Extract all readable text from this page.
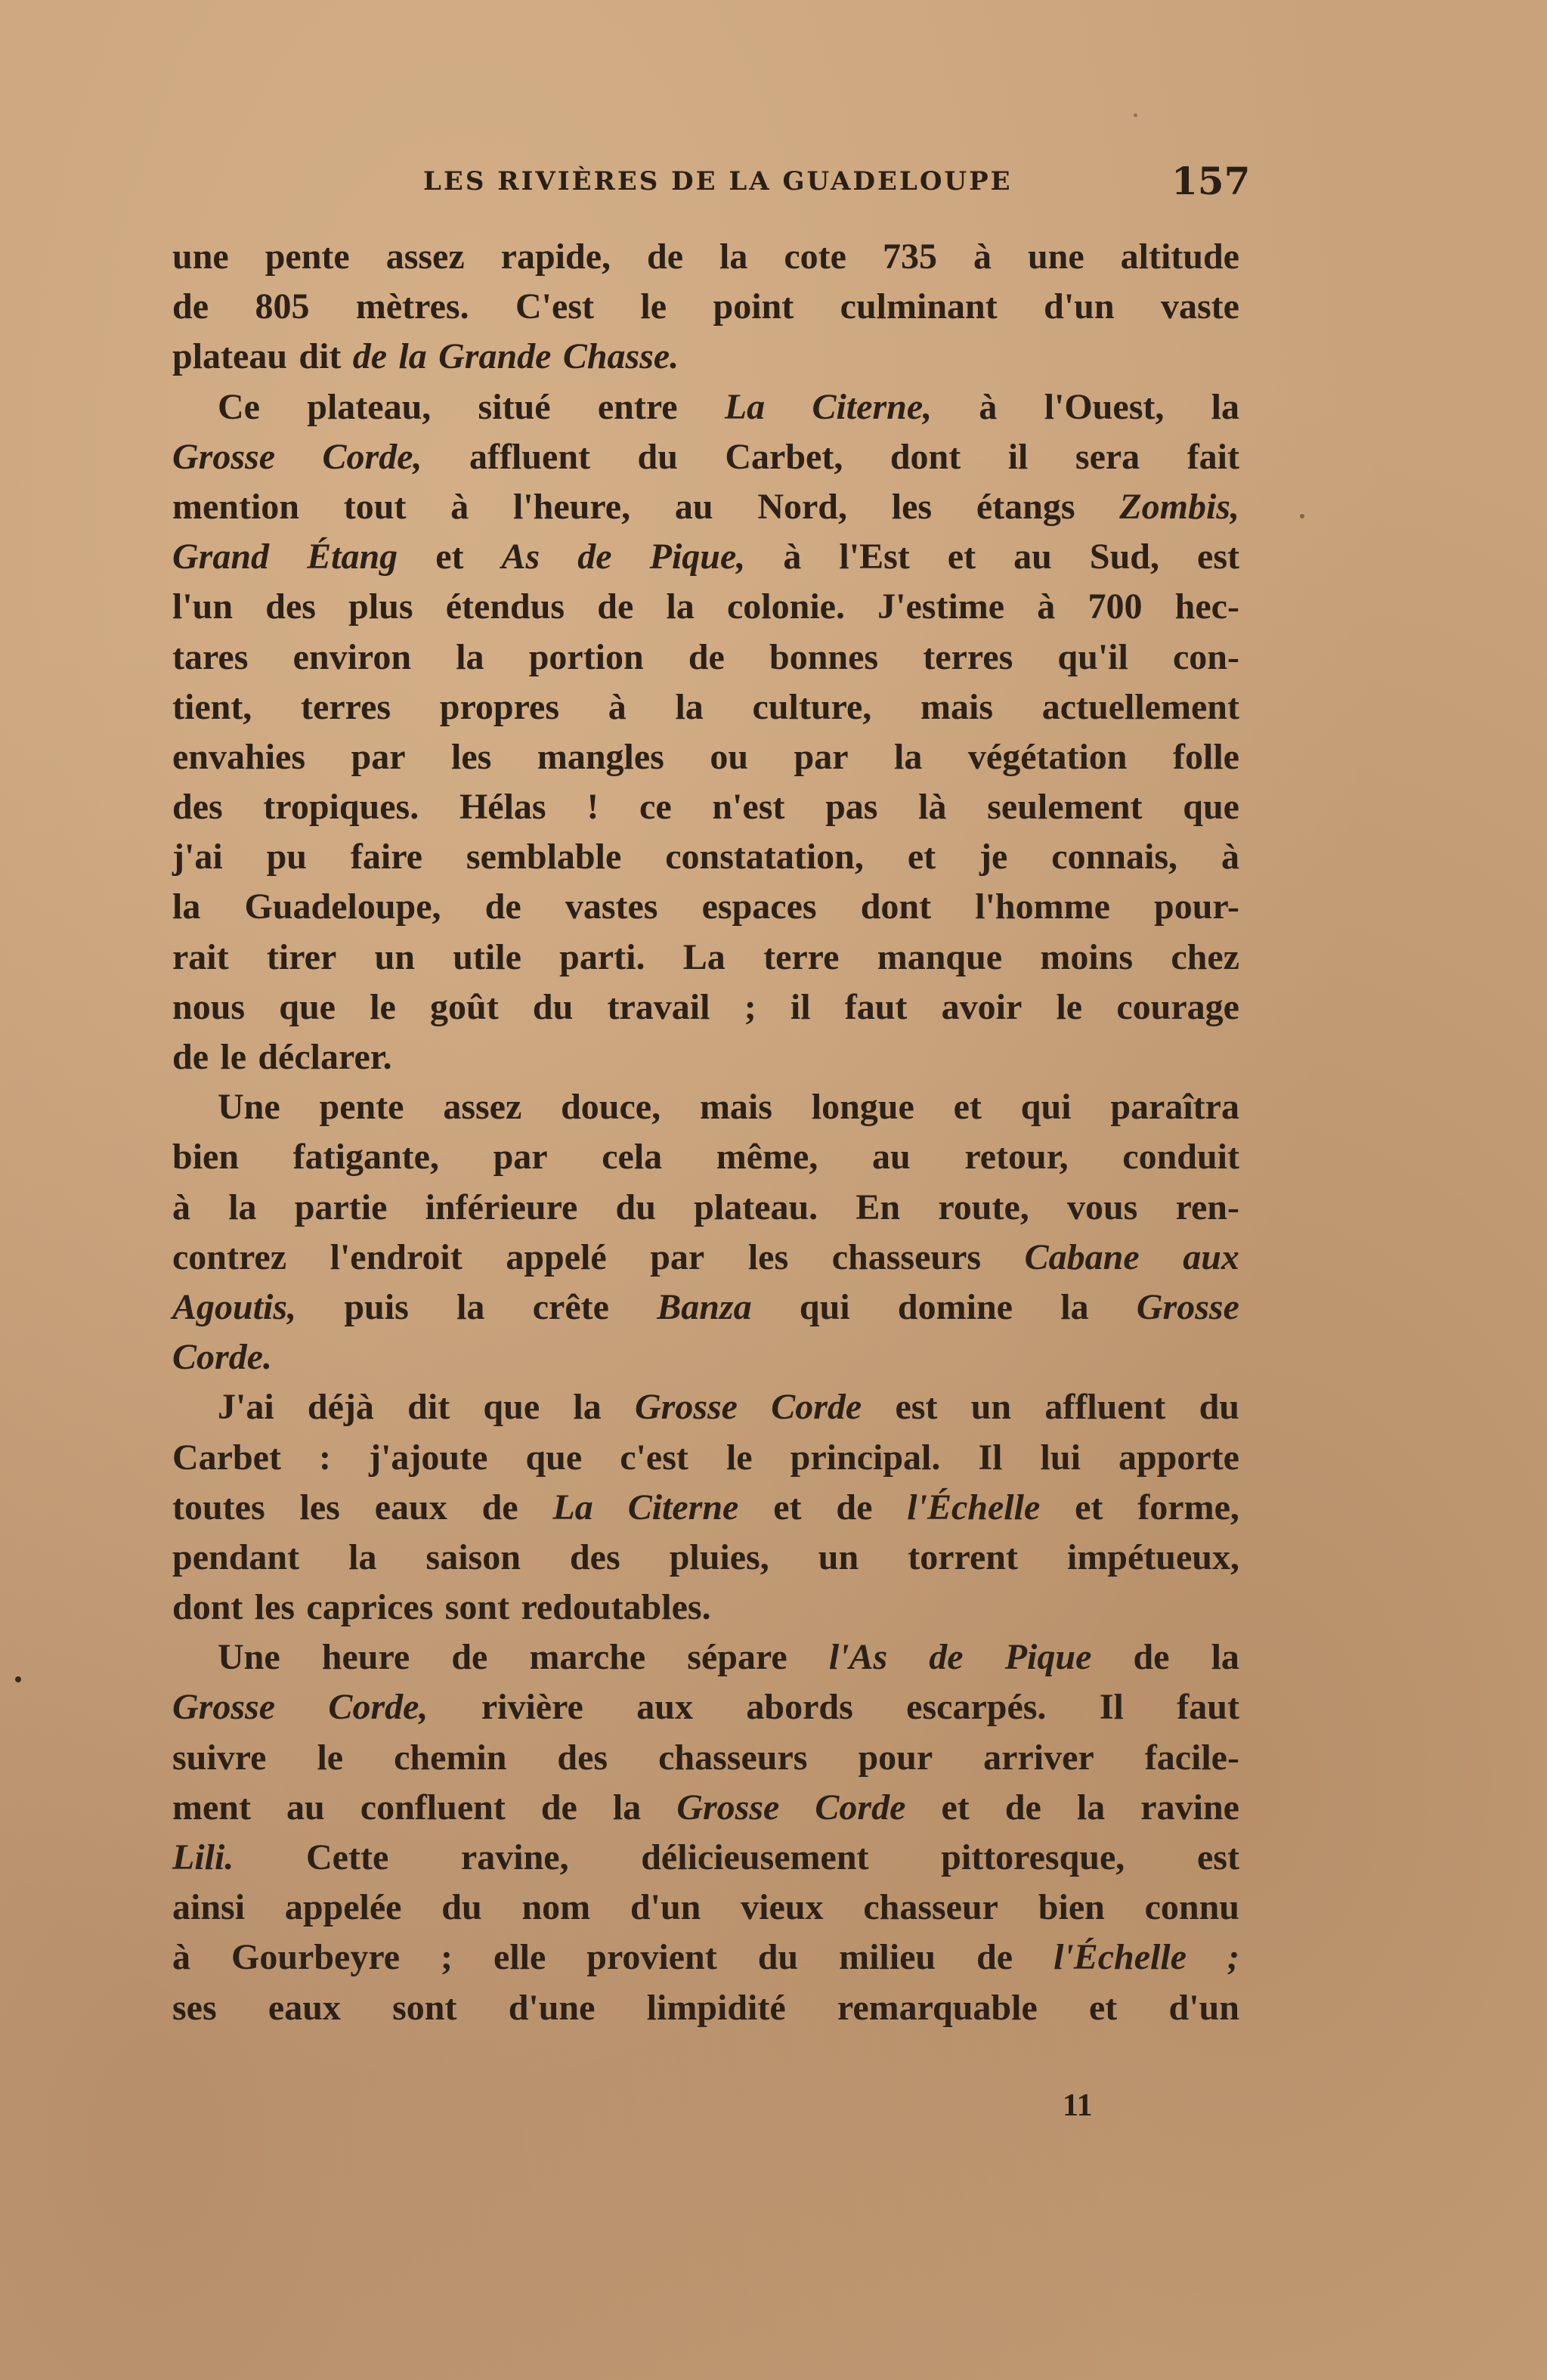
LES RIVIÈRES DE LA GUADELOUPE	157
une pente assez rapide, de la cote 735 à une altitude
de 805 mètres. C'est le point culminant d'un vaste
plateau dit de la Grande Chasse.
Ce plateau, situé entre La Citerne, à l'Ouest, la
Grosse Corde, affluent du Carbet, dont il sera fait
mention tout à l'heure, au Nord, les étangs Zombis,
Grand Étang et As de Pique, à l'Est et au Sud, est
l'un des plus étendus de la colonie. J'estime à 700 hec-
tares environ la portion de bonnes terres qu'il con-
tient, terres propres à la culture, mais actuellement
envahies par les mangles ou par la végétation folle
des tropiques. Hélas ! ce n'est pas là seulement que
j'ai pu faire semblable constatation, et je connais, à
la Guadeloupe, de vastes espaces dont l'homme pour-
rait tirer un utile parti. La terre manque moins chez
nous que le goût du travail ; il faut avoir le courage
de le déclarer.
Une pente assez douce, mais longue et qui paraîtra
bien fatigante, par cela même, au retour, conduit
à la partie inférieure du plateau. En route, vous ren-
contrez l'endroit appelé par les chasseurs Cabane aux
Agoutis, puis la crête Banza qui domine la Grosse
Corde.
J'ai déjà dit que la Grosse Corde est un affluent du
Carbet : j'ajoute que c'est le principal. Il lui apporte
toutes les eaux de La Citerne et de l'Échelle et forme,
pendant la saison des pluies, un torrent impétueux,
dont les caprices sont redoutables.
Une heure de marche sépare l'As de Pique de la
Grosse Corde, rivière aux abords escarpés. Il faut
suivre le chemin des chasseurs pour arriver facile-
ment au confluent de la Grosse Corde et de la ravine
Lili. Cette ravine, délicieusement pittoresque, est
ainsi appelée du nom d'un vieux chasseur bien connu
à Gourbeyre ; elle provient du milieu de l'Échelle ;
ses eaux sont d'une limpidité remarquable et d'un
11
